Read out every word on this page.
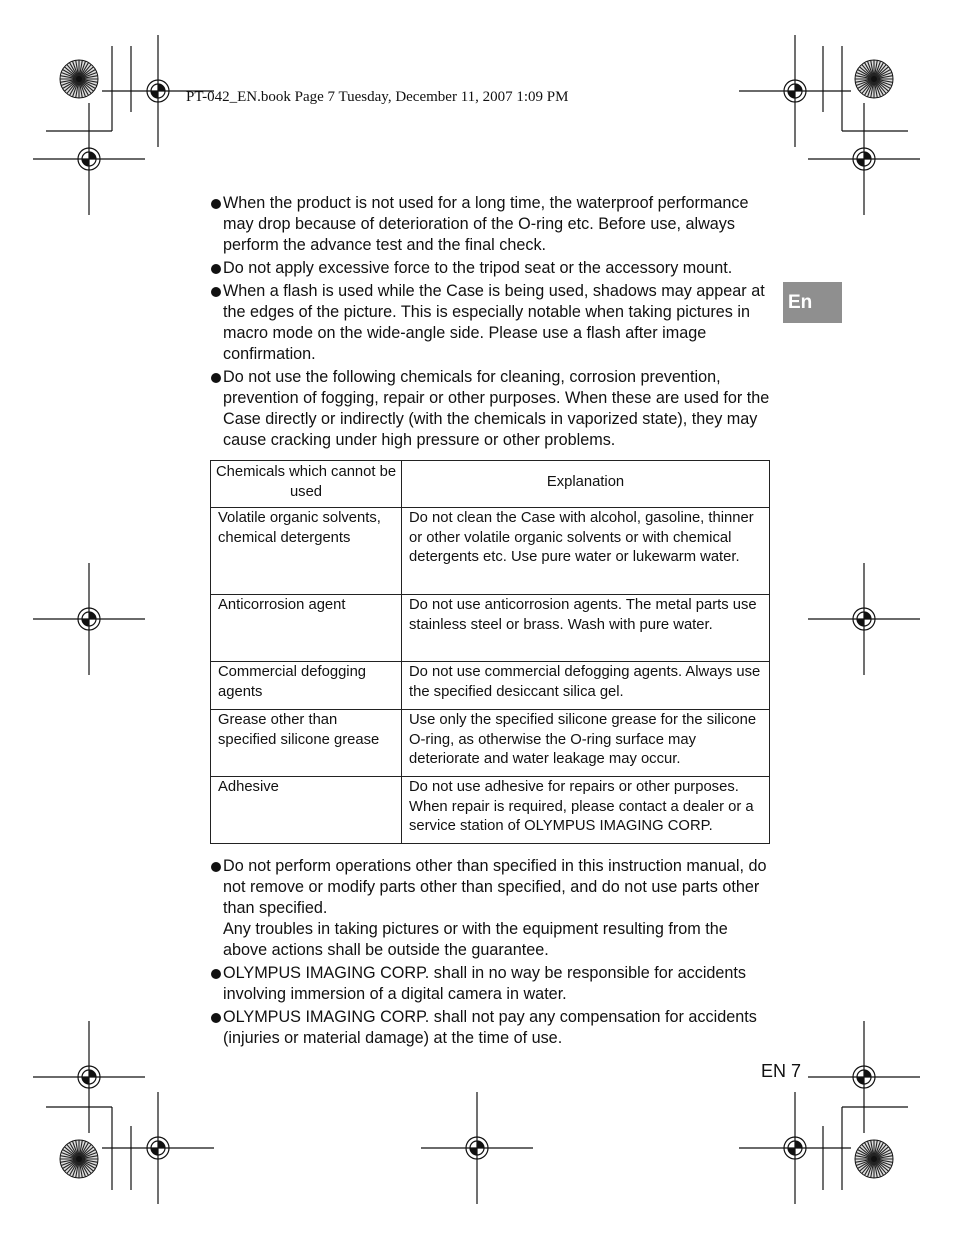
PT-042_EN.book Page 7 Tuesday, December 11, 2007 1:09 PM
En
When the product is not used for a long time, the waterproof performance may drop because of deterioration of the O-ring etc. Before use, always perform the advance test and the final check.
Do not apply excessive force to the tripod seat or the accessory mount.
When a flash is used while the Case is being used, shadows may appear at the edges of the picture. This is especially notable when taking pictures in macro mode on the wide-angle side. Please use a flash after image confirmation.
Do not use the following chemicals for cleaning, corrosion prevention, prevention of fogging, repair or other purposes. When these are used for the Case directly or indirectly (with the chemicals in vaporized state), they may cause cracking under high pressure or other problems.
Chemicals which cannot be used	Explanation
Volatile organic solvents, chemical detergents	Do not clean the Case with alcohol, gasoline, thinner or other volatile organic solvents or with chemical detergents etc. Use pure water or lukewarm water.
Anticorrosion agent	Do not use anticorrosion agents. The metal parts use stainless steel or brass. Wash with pure water.
Commercial defogging agents	Do not use commercial defogging agents. Always use the specified desiccant silica gel.
Grease other than specified silicone grease	Use only the specified silicone grease for the silicone O-ring, as otherwise the O-ring surface may deteriorate and water leakage may occur.
Adhesive	Do not use adhesive for repairs or other purposes. When repair is required, please contact a dealer or a service station of OLYMPUS IMAGING CORP.
Do not perform operations other than specified in this instruction manual, do not remove or modify parts other than specified, and do not use parts other than specified.
Any troubles in taking pictures or with the equipment resulting from the above actions shall be outside the guarantee.
OLYMPUS IMAGING CORP. shall in no way be responsible for accidents involving immersion of a digital camera in water.
OLYMPUS IMAGING CORP. shall not pay any compensation for accidents (injuries or material damage) at the time of use.
EN 7
